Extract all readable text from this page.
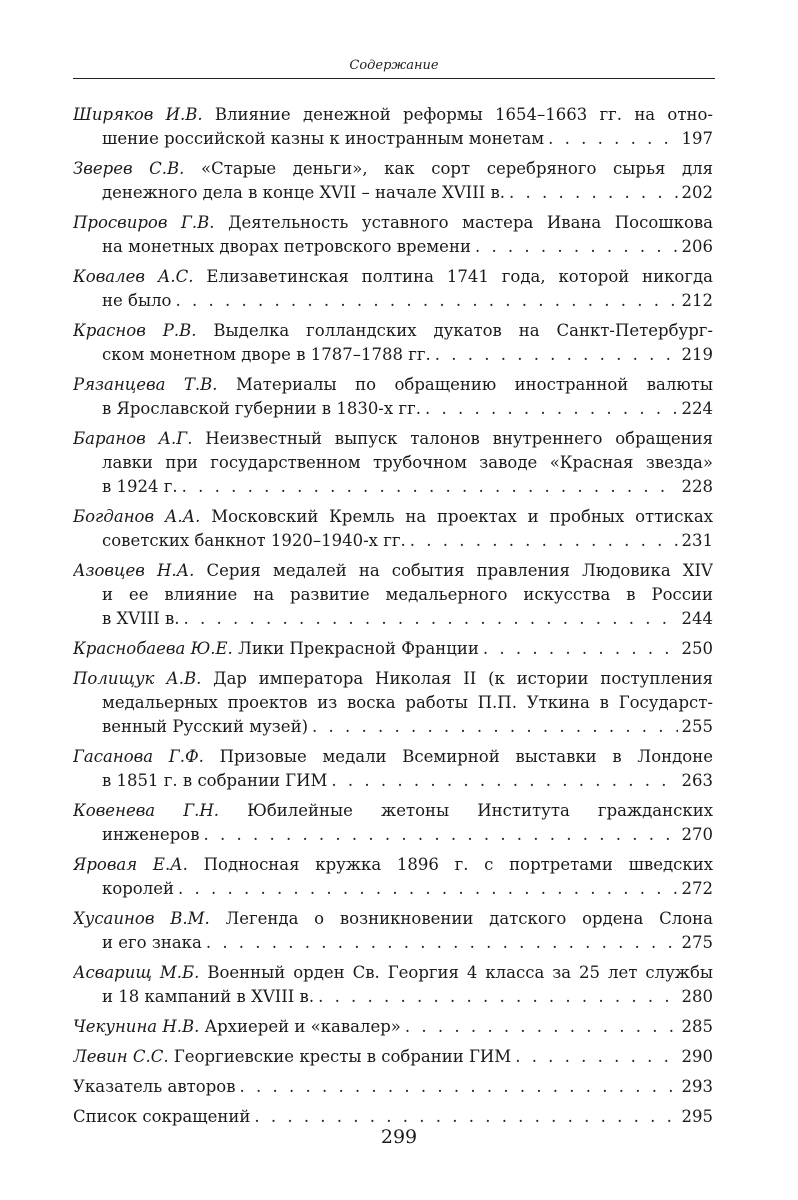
Содержание
Ширяков И.В. Влияние денежной реформы 1654–1663 гг. на отно-
шение российской казны к иностранным монетам . . .	197
Зверев С.В. «Старые деньги», как сорт серебряного сырья для
денежного дела в конце XVII – начале XVIII в. . . .	202
Просвиров Г.В. Деятельность уставного мастера Ивана Посошкова
на монетных дворах петровского времени . . .	206
Ковалев А.С. Елизаветинская полтина 1741 года, которой никогда
не было . . .	212
Краснов Р.В. Выделка голландских дукатов на Санкт-Петербург-
ском монетном дворе в 1787–1788 гг. . . .	219
Рязанцева Т.В. Материалы по обращению иностранной валюты
в Ярославской губернии в 1830-х гг. . . .	224
Баранов А.Г. Неизвестный выпуск талонов внутреннего обращения
лавки при государственном трубочном заводе «Красная звезда»
в 1924 г. . . .	228
Богданов А.А. Московский Кремль на проектах и пробных оттисках
советских банкнот 1920–1940-х гг. . . .	231
Азовцев Н.А. Серия медалей на события правления Людовика XIV
и ее влияние на развитие медальерного искусства в России
в XVIII в. . . .	244
Краснобаева Ю.Е. Лики Прекрасной Франции . . .	250
Полищук А.В. Дар императора Николая II (к истории поступления
медальерных проектов из воска работы П.П. Уткина в Государст-
венный Русский музей) . . .	255
Гасанова Г.Ф. Призовые медали Всемирной выставки в Лондоне
в 1851 г. в собрании ГИМ . . .	263
Ковенева Г.Н. Юбилейные жетоны Института гражданских
инженеров . . .	270
Яровая Е.А. Подносная кружка 1896 г. с портретами шведских
королей . . .	272
Хусаинов В.М. Легенда о возникновении датского ордена Слона
и его знака . . .	275
Асварищ М.Б. Военный орден Св. Георгия 4 класса за 25 лет службы
и 18 кампаний в XVIII в. . . .	280
Чекунина Н.В. Архиерей и «кавалер» . . .	285
Левин С.С. Георгиевские кресты в собрании ГИМ . . .	290
Указатель авторов . . .	293
Список сокращений . . .	295
299
